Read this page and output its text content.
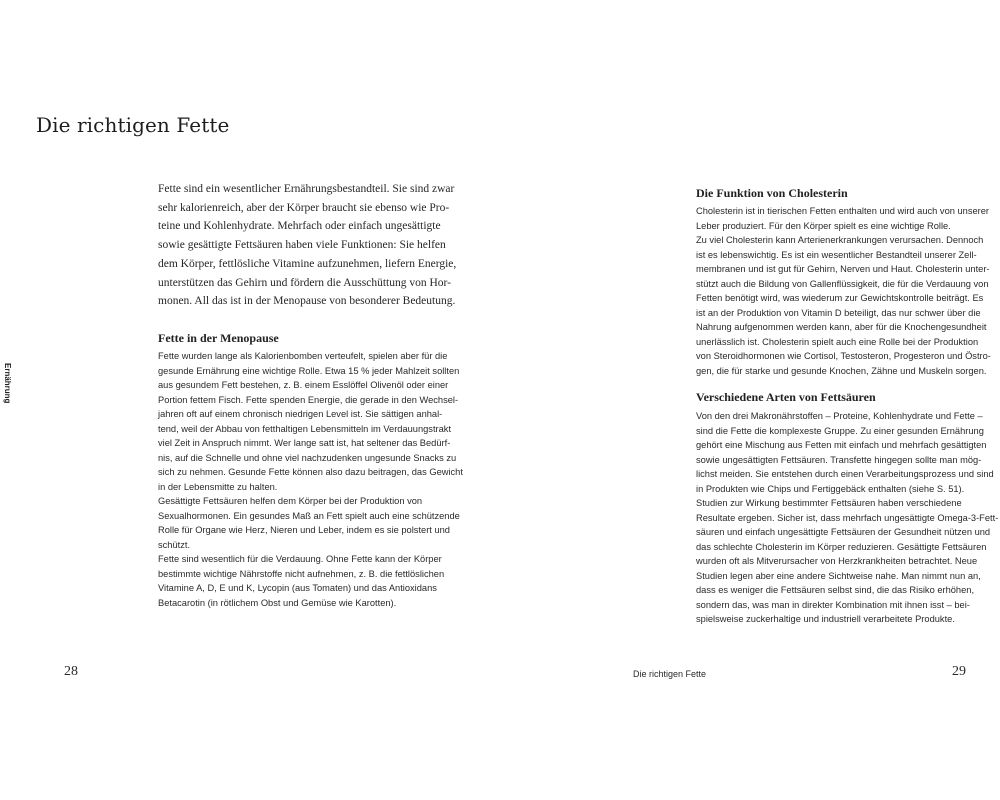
Die richtigen Fette
Ernährung

Fette sind ein wesentlicher Ernährungsbestandteil. Sie sind zwar
sehr kalorienreich, aber der Körper braucht sie ebenso wie Pro-
teine und Kohlenhydrate. Mehrfach oder einfach ungesättigte
sowie gesättigte Fettsäuren haben viele Funktionen: Sie helfen
dem Körper, fettlösliche Vitamine aufzunehmen, liefern Energie,
unterstützen das Gehirn und fördern die Ausschüttung von Hor-
monen. All das ist in der Menopause von besonderer Bedeutung.

Fette in der Menopause

Fette wurden lange als Kalorienbomben verteufelt, spielen aber für die
gesunde Ernährung eine wichtige Rolle. Etwa 15 % jeder Mahlzeit sollten
aus gesundem Fett bestehen, z. B. einem Esslöffel Olivenöl oder einer
Portion fettem Fisch. Fette spenden Energie, die gerade in den Wechsel-
jahren oft auf einem chronisch niedrigen Level ist. Sie sättigen anhal-
tend, weil der Abbau von fetthaltigen Lebensmitteln im Verdauungstrakt
viel Zeit in Anspruch nimmt. Wer lange satt ist, hat seltener das Bedürf-
nis, auf die Schnelle und ohne viel nachzudenken ungesunde Snacks zu
sich zu nehmen. Gesunde Fette können also dazu beitragen, das Gewicht
in der Lebensmitte zu halten.
Gesättigte Fettsäuren helfen dem Körper bei der Produktion von
Sexualhormonen. Ein gesundes Maß an Fett spielt auch eine schützende
Rolle für Organe wie Herz, Nieren und Leber, indem es sie polstert und
schützt.
Fette sind wesentlich für die Verdauung. Ohne Fette kann der Körper
bestimmte wichtige Nährstoffe nicht aufnehmen, z. B. die fettlöslichen
Vitamine A, D, E und K, Lycopin (aus Tomaten) und das Antioxidans
Betacarotin (in rötlichem Obst und Gemüse wie Karotten).

28
Die Funktion von Cholesterin

Cholesterin ist in tierischen Fetten enthalten und wird auch von unserer
Leber produziert. Für den Körper spielt es eine wichtige Rolle.
Zu viel Cholesterin kann Arterienerkrankungen verursachen. Dennoch
ist es lebenswichtig. Es ist ein wesentlicher Bestandteil unserer Zell-
membranen und ist gut für Gehirn, Nerven und Haut. Cholesterin unter-
stützt auch die Bildung von Gallenflüssigkeit, die für die Verdauung von
Fetten benötigt wird, was wiederum zur Gewichtskontrolle beiträgt. Es
ist an der Produktion von Vitamin D beteiligt, das nur schwer über die
Nahrung aufgenommen werden kann, aber für die Knochengesundheit
unerlässlich ist. Cholesterin spielt auch eine Rolle bei der Produktion
von Steroidhormonen wie Cortisol, Testosteron, Progesteron und Östro-
gen, die für starke und gesunde Knochen, Zähne und Muskeln sorgen.

Verschiedene Arten von Fettsäuren

Von den drei Makronährstoffen – Proteine, Kohlenhydrate und Fette –
sind die Fette die komplexeste Gruppe. Zu einer gesunden Ernährung
gehört eine Mischung aus Fetten mit einfach und mehrfach gesättigten
sowie ungesättigten Fettsäuren. Transfette hingegen sollte man mög-
lichst meiden. Sie entstehen durch einen Verarbeitungsprozess und sind
in Produkten wie Chips und Fertiggebäck enthalten (siehe S. 51).
Studien zur Wirkung bestimmter Fettsäuren haben verschiedene
Resultate ergeben. Sicher ist, dass mehrfach ungesättigte Omega-3-Fett-
säuren und einfach ungesättigte Fettsäuren der Gesundheit nützen und
das schlechte Cholesterin im Körper reduzieren. Gesättigte Fettsäuren
wurden oft als Mitverursacher von Herzkrankheiten betrachtet. Neue
Studien legen aber eine andere Sichtweise nahe. Man nimmt nun an,
dass es weniger die Fettsäuren selbst sind, die das Risiko erhöhen,
sondern das, was man in direkter Kombination mit ihnen isst – bei-
spielsweise zuckerhaltige und industriell verarbeitete Produkte.

Die richtigen Fette	29
